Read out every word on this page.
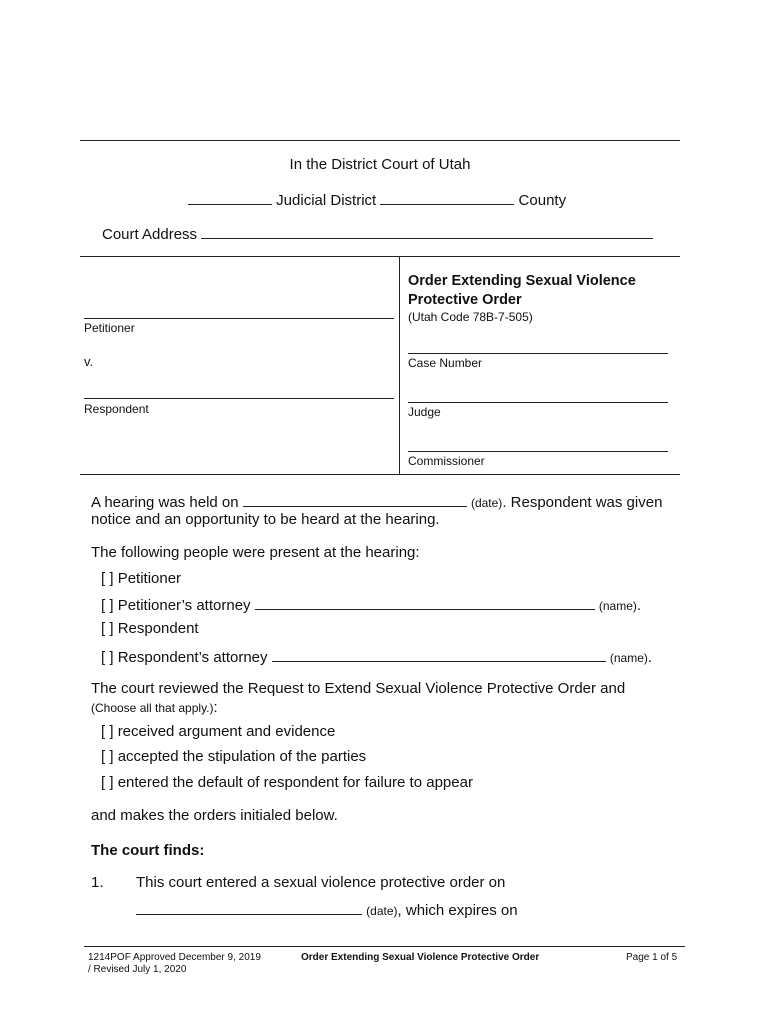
In the District Court of Utah
Judicial District	County
Court Address
Petitioner
v.
Respondent
Order Extending Sexual Violence
Protective Order
(Utah Code 78B-7-505)
Case Number
Judge
Commissioner
A hearing was held on	(date). Respondent was given
notice and an opportunity to be heard at the hearing.
The following people were present at the hearing:
[ ] Petitioner
[ ] Petitioner’s attorney	(name).
[ ] Respondent
[ ] Respondent’s attorney	(name).
The court reviewed the Request to Extend Sexual Violence Protective Order and
(Choose all that apply.):
[ ] received argument and evidence
[ ] accepted the stipulation of the parties
[ ] entered the default of respondent for failure to appear
and makes the orders initialed below.
The court finds:
1. This court entered a sexual violence protective order on
(date), which expires on
1214POF Approved December 9, 2019
/ Revised July 1, 2020
Order Extending Sexual Violence Protective Order	Page 1 of 5
